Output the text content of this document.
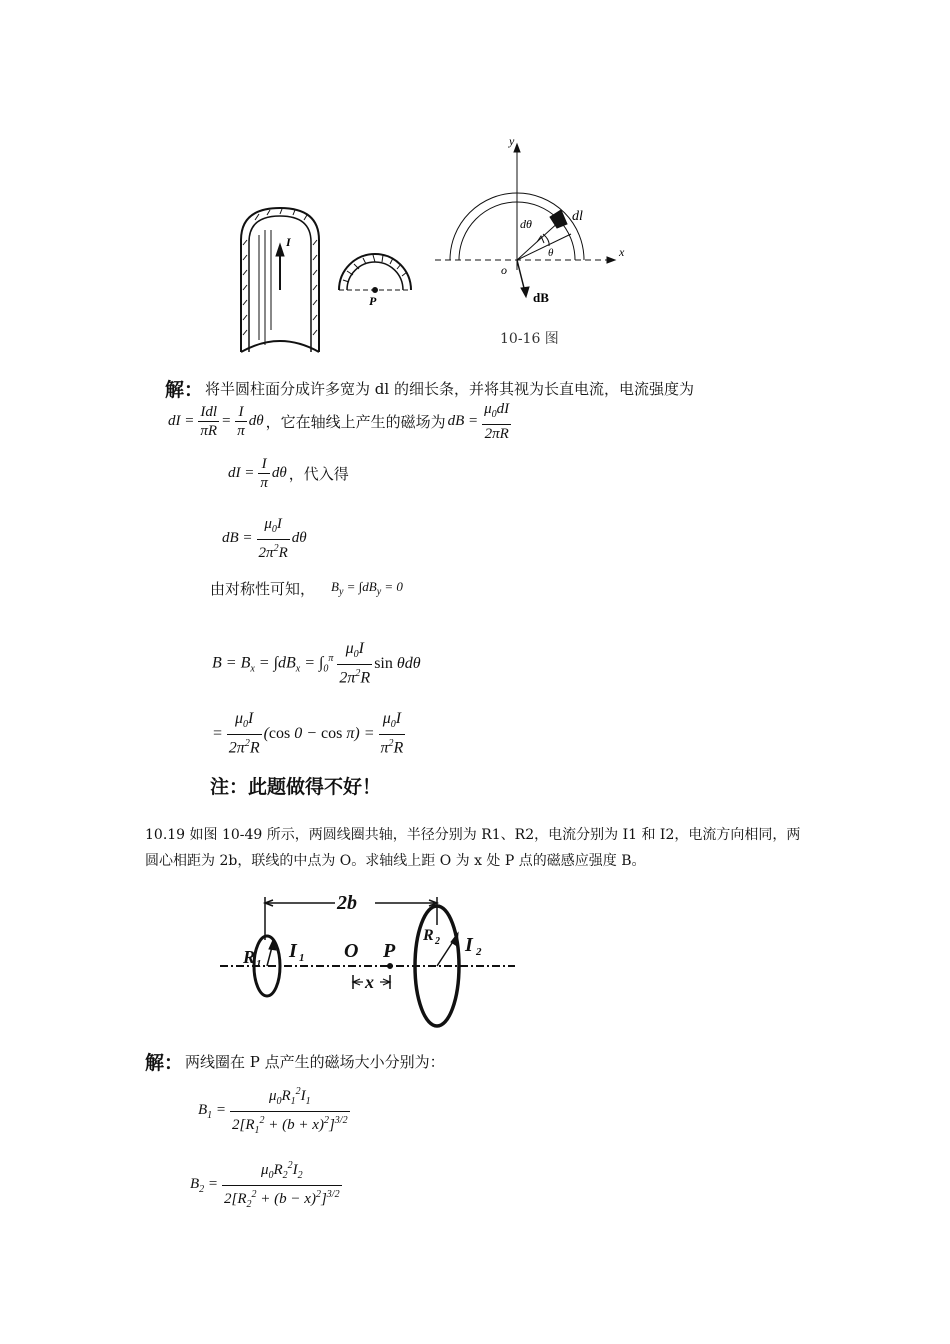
I
P
y
x
o
dθ
θ
dl
dB
10-16 图
解： 将半圆柱面分成许多宽为 dl 的细长条，并将其视为长直电流，电流强度为
dI = $\frac{\text{Idl}}{\pi R} = \frac{I}{\pi}$ dθ ，它在轴线上产生的磁场为 dB = $\frac{\mu_0dI}{2\pi R}$
dI = $\frac{I}{\pi}$ dθ ，代入得
dB = $\frac{\mu_0I}{2\pi^2R}$ dθ
由对称性可知， $B_y = \int dB_y = 0$
$B = B_x = \int dB_x = \int_0^\pi \frac{\mu_0I}{2\pi^2R}$ sin θdθ
= $\frac{\mu_0I}{2\pi^2R} (\cos$ $0 - \cos \pi) = \frac{\mu_0I}{\pi^2R}$
注：此题做得不好！
10.19 如图 10-49 所示，两圆线圈共轴，半径分别为 R1、R2，电流分别为 I1 和 I2，电流方向相同，两圆心相距为 2b，联线的中点为 O。求轴线上距 O 为 x 处 P 点的磁感应强度 B。
2b
R 1
I 1 O P
x
R 2 I 2
解： 两线圈在 P 点产生的磁场大小分别为：
$B_1 = \frac{\mu_0R_1^2I_1}{2[R_1^2 + (b + x)^2]^{3/2}}$
$B_2 = \frac{\mu_0R_2^2I_2}{2[R_2^2 + (b - x)^2]^{3/2}}$
